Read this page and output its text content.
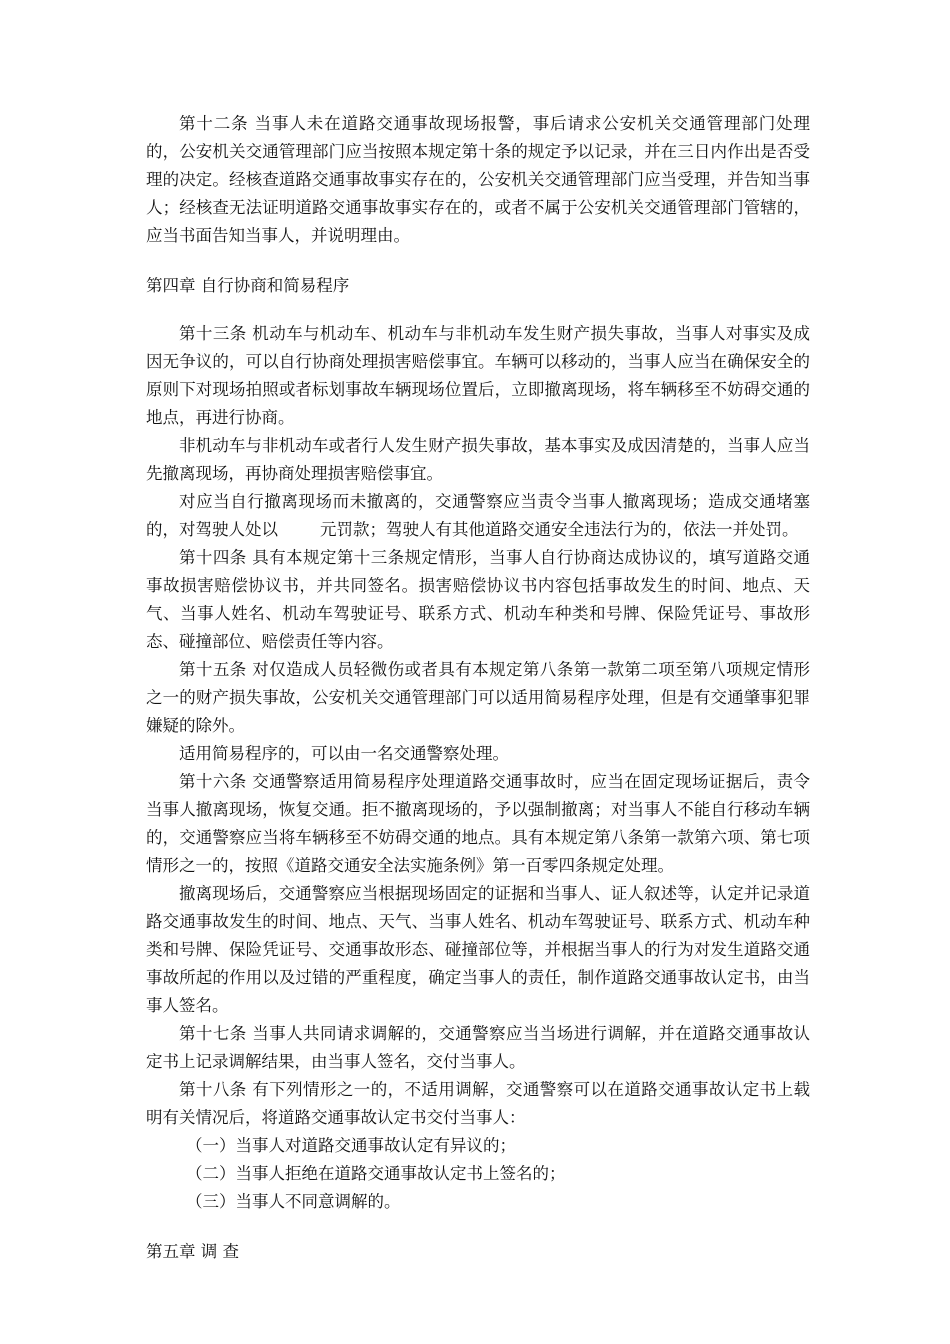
第十二条 当事人未在道路交通事故现场报警，事后请求公安机关交通管理部门处理的，公安机关交通管理部门应当按照本规定第十条的规定予以记录，并在三日内作出是否受理的决定。经核查道路交通事故事实存在的，公安机关交通管理部门应当受理，并告知当事人；经核查无法证明道路交通事故事实存在的，或者不属于公安机关交通管理部门管辖的，应当书面告知当事人，并说明理由。

第四章 自行协商和简易程序

第十三条 机动车与机动车、机动车与非机动车发生财产损失事故，当事人对事实及成因无争议的，可以自行协商处理损害赔偿事宜。车辆可以移动的，当事人应当在确保安全的原则下对现场拍照或者标划事故车辆现场位置后，立即撤离现场，将车辆移至不妨碍交通的地点，再进行协商。

非机动车与非机动车或者行人发生财产损失事故，基本事实及成因清楚的，当事人应当先撤离现场，再协商处理损害赔偿事宜。

对应当自行撤离现场而未撤离的，交通警察应当责令当事人撤离现场；造成交通堵塞的，对驾驶人处以	元罚款；驾驶人有其他道路交通安全违法行为的，依法一并处罚。

第十四条 具有本规定第十三条规定情形，当事人自行协商达成协议的，填写道路交通事故损害赔偿协议书，并共同签名。损害赔偿协议书内容包括事故发生的时间、地点、天气、当事人姓名、机动车驾驶证号、联系方式、机动车种类和号牌、保险凭证号、事故形态、碰撞部位、赔偿责任等内容。

第十五条 对仅造成人员轻微伤或者具有本规定第八条第一款第二项至第八项规定情形之一的财产损失事故，公安机关交通管理部门可以适用简易程序处理，但是有交通肇事犯罪嫌疑的除外。

适用简易程序的，可以由一名交通警察处理。

第十六条 交通警察适用简易程序处理道路交通事故时，应当在固定现场证据后，责令当事人撤离现场，恢复交通。拒不撤离现场的，予以强制撤离；对当事人不能自行移动车辆的，交通警察应当将车辆移至不妨碍交通的地点。具有本规定第八条第一款第六项、第七项情形之一的，按照《道路交通安全法实施条例》第一百零四条规定处理。

撤离现场后，交通警察应当根据现场固定的证据和当事人、证人叙述等，认定并记录道路交通事故发生的时间、地点、天气、当事人姓名、机动车驾驶证号、联系方式、机动车种类和号牌、保险凭证号、交通事故形态、碰撞部位等，并根据当事人的行为对发生道路交通事故所起的作用以及过错的严重程度，确定当事人的责任，制作道路交通事故认定书，由当事人签名。

第十七条 当事人共同请求调解的，交通警察应当当场进行调解，并在道路交通事故认定书上记录调解结果，由当事人签名，交付当事人。

第十八条 有下列情形之一的，不适用调解，交通警察可以在道路交通事故认定书上载明有关情况后，将道路交通事故认定书交付当事人：

（一）当事人对道路交通事故认定有异议的；

（二）当事人拒绝在道路交通事故认定书上签名的；

（三）当事人不同意调解的。

第五章 调 查
